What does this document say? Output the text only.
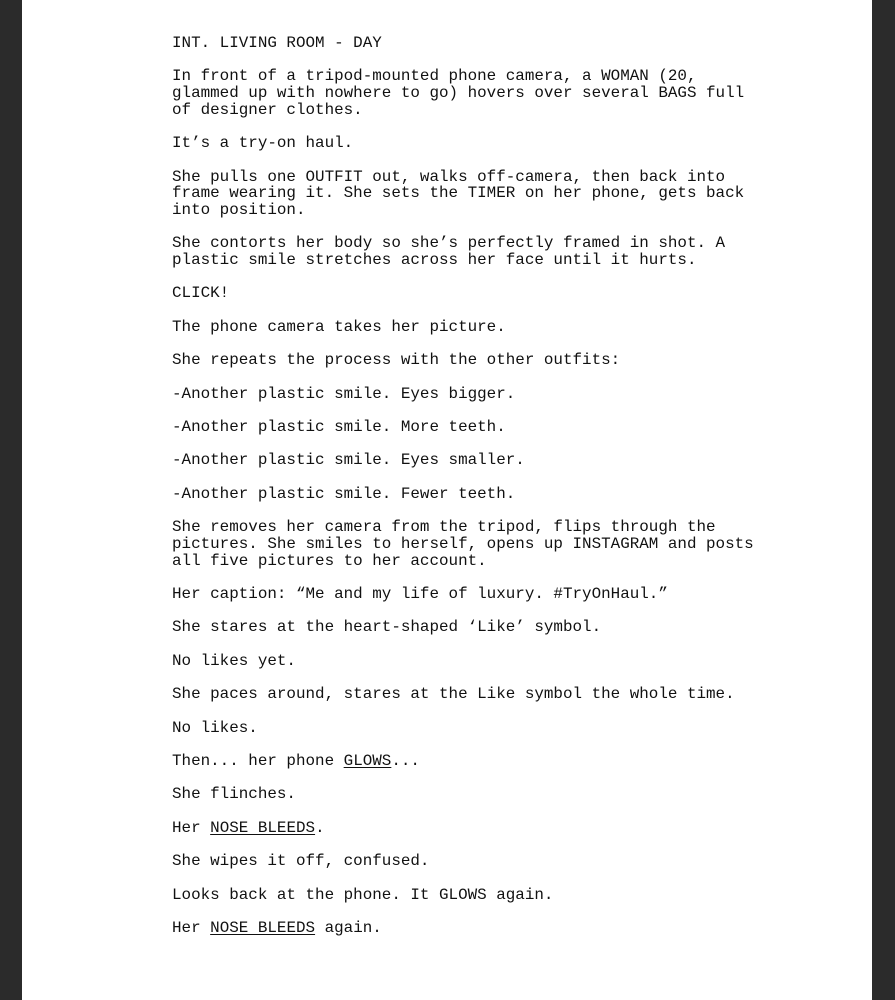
INT. LIVING ROOM - DAY

In front of a tripod-mounted phone camera, a WOMAN (20,
glammed up with nowhere to go) hovers over several BAGS full
of designer clothes.

It’s a try-on haul.

She pulls one OUTFIT out, walks off-camera, then back into
frame wearing it. She sets the TIMER on her phone, gets back
into position.

She contorts her body so she’s perfectly framed in shot. A
plastic smile stretches across her face until it hurts.

CLICK!

The phone camera takes her picture.

She repeats the process with the other outfits:

-Another plastic smile. Eyes bigger.

-Another plastic smile. More teeth.

-Another plastic smile. Eyes smaller.

-Another plastic smile. Fewer teeth.

She removes her camera from the tripod, flips through the
pictures. She smiles to herself, opens up INSTAGRAM and posts
all five pictures to her account.

Her caption: “Me and my life of luxury. #TryOnHaul.”

She stares at the heart-shaped ‘Like’ symbol.

No likes yet.

She paces around, stares at the Like symbol the whole time.

No likes.

Then... her phone GLOWS...

She flinches.

Her NOSE BLEEDS.

She wipes it off, confused.

Looks back at the phone. It GLOWS again.

Her NOSE BLEEDS again.
